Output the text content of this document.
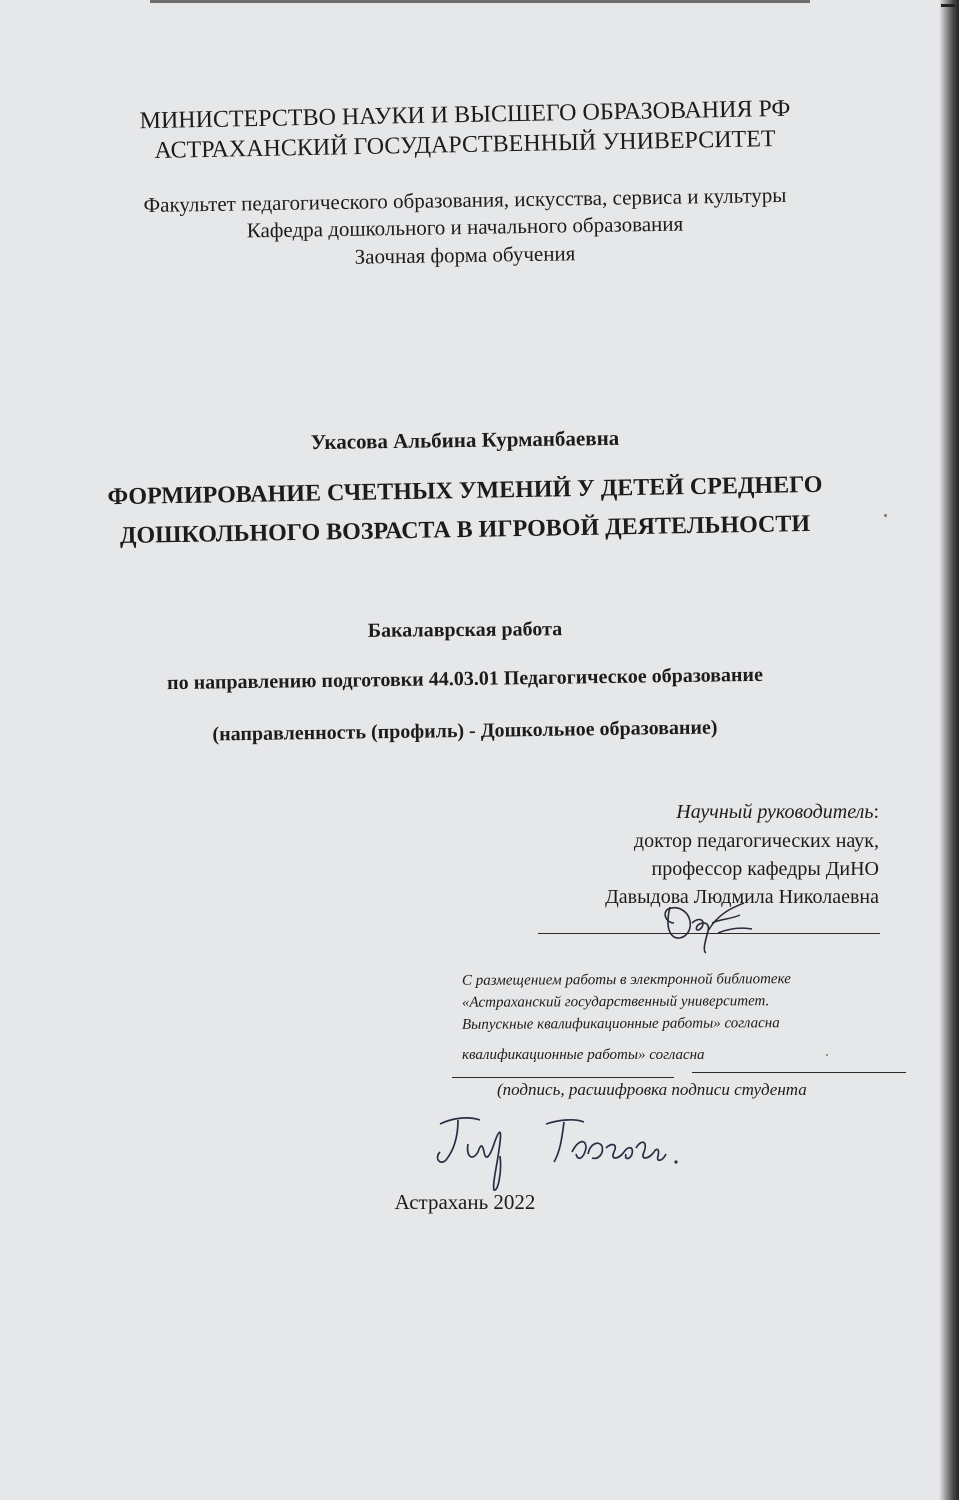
МИНИСТЕРСТВО НАУКИ И ВЫСШЕГО ОБРАЗОВАНИЯ РФ
АСТРАХАНСКИЙ ГОСУДАРСТВЕННЫЙ УНИВЕРСИТЕТ
Факультет педагогического образования, искусства, сервиса и культуры
Кафедра дошкольного и начального образования
Заочная форма обучения
Укасова Альбина Курманбаевна
ФОРМИРОВАНИЕ СЧЕТНЫХ УМЕНИЙ У ДЕТЕЙ СРЕДНЕГО
ДОШКОЛЬНОГО ВОЗРАСТА В ИГРОВОЙ ДЕЯТЕЛЬНОСТИ
Бакалаврская работа
по направлению подготовки 44.03.01 Педагогическое образование
(направленность (профиль) - Дошкольное образование)
Научный руководитель:
доктор педагогических наук,
профессор кафедры ДиНО
Давыдова Людмила Николаевна
С размещением работы в электронной библиотеке
«Астраханский государственный университет.
Выпускные квалификационные работы» согласна
квалификационные работы» согласна
(подпись, расшифровка подписи студента
Астрахань 2022
